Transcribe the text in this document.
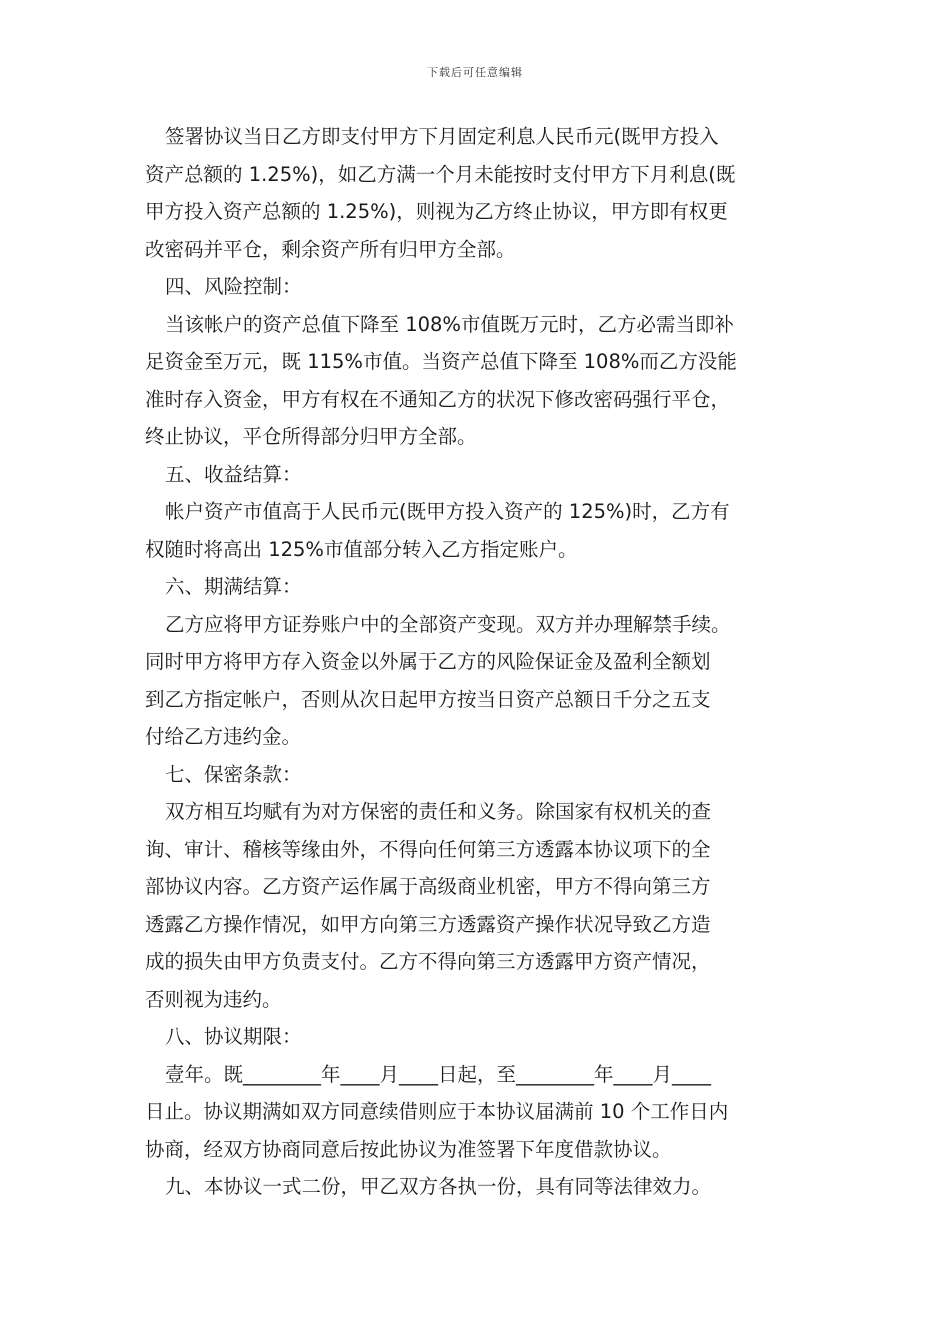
下载后可任意编辑
签署协议当日乙方即支付甲方下月固定利息人民币元(既甲方投入
资产总额的 1.25%)，如乙方满一个月未能按时支付甲方下月利息(既
甲方投入资产总额的 1.25%)，则视为乙方终止协议，甲方即有权更
改密码并平仓，剩余资产所有归甲方全部。
四、风险控制：
当该帐户的资产总值下降至 108%市值既万元时，乙方必需当即补
足资金至万元，既 115%市值。当资产总值下降至 108%而乙方没能
准时存入资金，甲方有权在不通知乙方的状况下修改密码强行平仓，
终止协议，平仓所得部分归甲方全部。
五、收益结算：
帐户资产市值高于人民币元(既甲方投入资产的 125%)时，乙方有
权随时将高出 125%市值部分转入乙方指定账户。
六、期满结算：
乙方应将甲方证券账户中的全部资产变现。双方并办理解禁手续。
同时甲方将甲方存入资金以外属于乙方的风险保证金及盈利全额划
到乙方指定帐户，否则从次日起甲方按当日资产总额日千分之五支
付给乙方违约金。
七、保密条款：
双方相互均赋有为对方保密的责任和义务。除国家有权机关的查
询、审计、稽核等缘由外，不得向任何第三方透露本协议项下的全
部协议内容。乙方资产运作属于高级商业机密，甲方不得向第三方
透露乙方操作情况，如甲方向第三方透露资产操作状况导致乙方造
成的损失由甲方负责支付。乙方不得向第三方透露甲方资产情况，
否则视为违约。
八、协议期限：
壹年。既________年____月____日起，至________年____月____
日止。协议期满如双方同意续借则应于本协议届满前 10 个工作日内
协商，经双方协商同意后按此协议为准签署下年度借款协议。
九、本协议一式二份，甲乙双方各执一份，具有同等法律效力。
